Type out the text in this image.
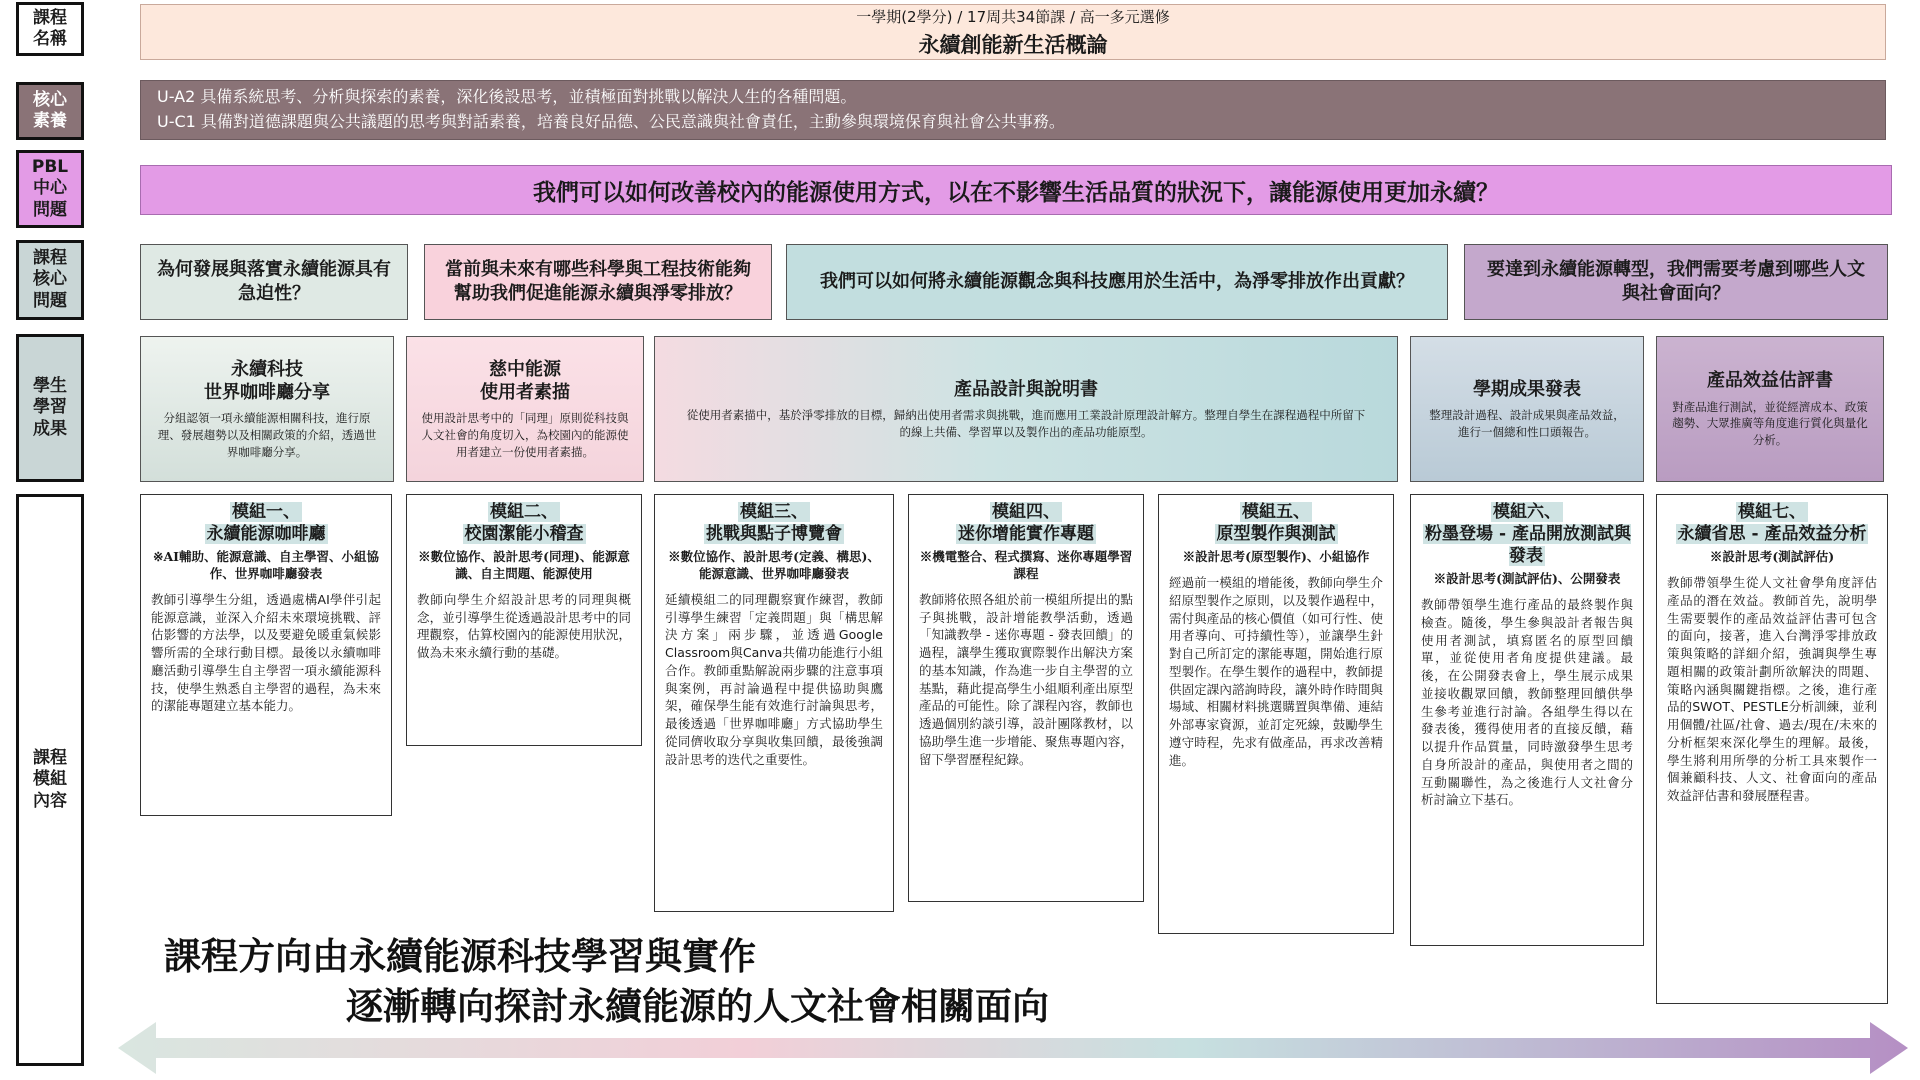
課程
名稱
一學期(2學分) / 17周共34節課 / 高一多元選修
永續創能新生活概論
核心
素養
U-A2 具備系統思考、分析與探索的素養，深化後設思考，並積極面對挑戰以解決人生的各種問題。
U-C1 具備對道德課題與公共議題的思考與對話素養，培養良好品德、公民意識與社會責任，主動參與環境保育與社會公共事務。
PBL
中心
問題
我們可以如何改善校內的能源使用方式，以在不影響生活品質的狀況下，讓能源使用更加永續？
課程
核心
問題
為何發展與落實永續能源具有急迫性？
當前與未來有哪些科學與工程技術能夠幫助我們促進能源永續與淨零排放？
我們可以如何將永續能源觀念與科技應用於生活中，為淨零排放作出貢獻？
要達到永續能源轉型，我們需要考慮到哪些人文與社會面向？
學生
學習
成果
永續科技
世界咖啡廳分享
分組認領一項永續能源相關科技，進行原理、發展趨勢以及相關政策的介紹，透過世界咖啡廳分享。
慈中能源
使用者素描
使用設計思考中的「同理」原則從科技與人文社會的角度切入，為校園內的能源使用者建立一份使用者素描。
產品設計與說明書
從使用者素描中，基於淨零排放的目標，歸納出使用者需求與挑戰，進而應用工業設計原理設計解方。整理自學生在課程過程中所留下的線上共備、學習單以及製作出的產品功能原型。
學期成果發表
整理設計過程、設計成果與產品效益，進行一個總和性口頭報告。
產品效益估評書
對產品進行測試，並從經濟成本、政策趨勢、大眾推廣等角度進行質化與量化分析。
課程
模組
內容
模組一、
永續能源咖啡廳
※AI輔助、能源意識、自主學習、小組協作、世界咖啡廳發表
教師引導學生分組，透過處構AI學伴引起能源意識，並深入介紹未來環境挑戰、評估影響的方法學，以及要避免暖重氣候影響所需的全球行動目標。最後以永續咖啡廳活動引導學生自主學習一項永續能源科技，使學生熟悉自主學習的過程，為未來的潔能專題建立基本能力。
模組二、
校園潔能小稽查
※數位協作、設計思考(同理)、能源意識、自主問題、能源使用
教師向學生介紹設計思考的同理與概念，並引導學生從透過設計思考中的同理觀察，估算校園內的能源使用狀況，做為未來永續行動的基礎。
模組三、
挑戰與點子博覽會
※數位協作、設計思考(定義、構思)、能源意識、世界咖啡廳發表
延續模組二的同理觀察實作練習，教師引導學生練習「定義問題」與「構思解決方案」兩步驟，並透過Google Classroom與Canva共備功能進行小組合作。教師重點解說兩步驟的注意事項與案例，再討論過程中提供協助與鷹架，確保學生能有效進行討論與思考，最後透過「世界咖啡廳」方式協助學生從同儕收取分享與收集回饋，最後強調設計思考的迭代之重要性。
模組四、
迷你增能實作專題
※機電整合、程式撰寫、迷你專題學習課程
教師將依照各組於前一模組所提出的點子與挑戰，設計增能教學活動，透過「知識教學 - 迷你專題 - 發表回饋」的過程，讓學生獲取實際製作出解決方案的基本知識，作為進一步自主學習的立基點，藉此提高學生小組順利產出原型產品的可能性。除了課程內容，教師也透過個別約談引導，設計團隊教材，以協助學生進一步增能、聚焦專題內容，留下學習歷程紀錄。
模組五、
原型製作與測試
※設計思考(原型製作)、小組協作
經過前一模組的增能後，教師向學生介紹原型製作之原則，以及製作過程中，需付與產品的核心價值（如可行性、使用者導向、可持續性等），並讓學生針對自己所訂定的潔能專題，開始進行原型製作。在學生製作的過程中，教師提供固定課內諮詢時段，讓外時作時間與場域、相關材料挑選購置與準備、連結外部專家資源，並訂定死線，鼓勵學生遵守時程，先求有做產品，再求改善精進。
模組六、
粉墨登場 - 產品開放測試與發表
※設計思考(測試評估)、公開發表
教師帶領學生進行產品的最終製作與檢查。隨後，學生參與設計者報告與使用者測試，填寫匿名的原型回饋單，並從使用者角度提供建議。最後，在公開發表會上，學生展示成果並接收觀眾回饋，教師整理回饋供學生參考並進行討論。各組學生得以在發表後，獲得使用者的直接反饋，藉以提升作品質量，同時激發學生思考自身所設計的產品，與使用者之間的互動關聯性，為之後進行人文社會分析討論立下基石。
模組七、
永續省思 - 產品效益分析
※設計思考(測試評估)
教師帶領學生從人文社會學角度評估產品的潛在效益。教師首先，說明學生需要製作的產品效益評估書可包含的面向，接著，進入台灣淨零排放政策與策略的詳細介紹，強調與學生專題相關的政策計劃所欲解決的問題、策略內涵與關鍵指標。之後，進行產品的SWOT、PESTLE分析訓練，並利用個體/社區/社會、過去/現在/未來的分析框架來深化學生的理解。最後，學生將利用所學的分析工具來製作一個兼顧科技、人文、社會面向的產品效益評估書和發展歷程書。
課程方向由永續能源科技學習與實作
逐漸轉向探討永續能源的人文社會相關面向
